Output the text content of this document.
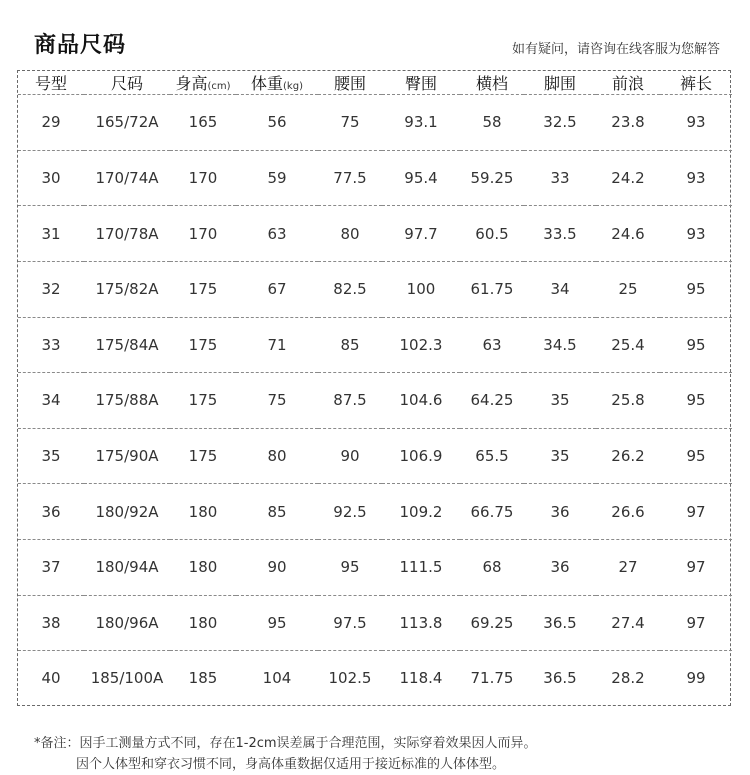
商品尺码	如有疑问，请咨询在线客服为您解答
号型	尺码	身高(cm)	体重(kg)	腰围	臀围	横档	脚围	前浪	裤长
29	165/72A	165	56	75	93.1	58	32.5	23.8	93
30	170/74A	170	59	77.5	95.4	59.25	33	24.2	93
31	170/78A	170	63	80	97.7	60.5	33.5	24.6	93
32	175/82A	175	67	82.5	100	61.75	34	25	95
33	175/84A	175	71	85	102.3	63	34.5	25.4	95
34	175/88A	175	75	87.5	104.6	64.25	35	25.8	95
35	175/90A	175	80	90	106.9	65.5	35	26.2	95
36	180/92A	180	85	92.5	109.2	66.75	36	26.6	97
37	180/94A	180	90	95	111.5	68	36	27	97
38	180/96A	180	95	97.5	113.8	69.25	36.5	27.4	97
40	185/100A	185	104	102.5	118.4	71.75	36.5	28.2	99
*备注：因手工测量方式不同，存在1-2cm误差属于合理范围，实际穿着效果因人而异。
因个人体型和穿衣习惯不同，身高体重数据仅适用于接近标准的人体体型。
